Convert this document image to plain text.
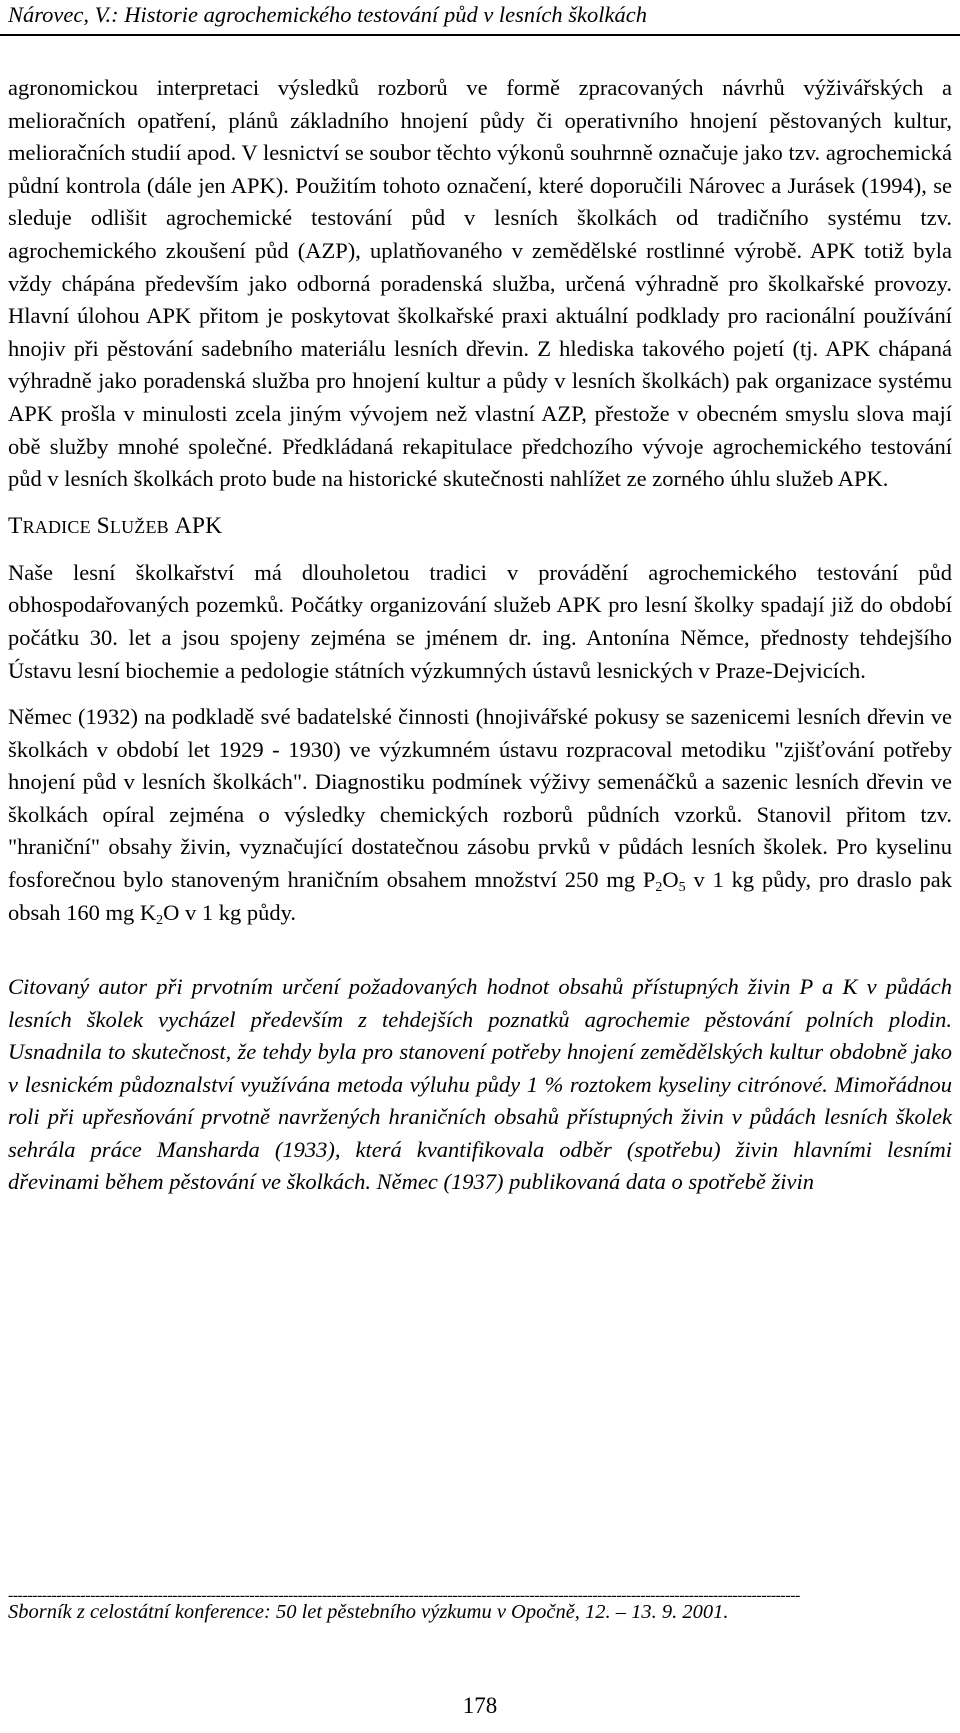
Nárovec, V.: Historie agrochemického testování půd v lesních školkách

agronomickou interpretaci výsledků rozborů ve formě zpracovaných návrhů výživářských a melioračních opatření, plánů základního hnojení půdy či operativního hnojení pěstovaných kultur, melioračních studií apod. V lesnictví se soubor těchto výkonů souhrnně označuje jako tzv. agrochemická půdní kontrola (dále jen APK). Použitím tohoto označení, které doporučili Nárovec a Jurásek (1994), se sleduje odlišit agrochemické testování půd v lesních školkách od tradičního systému tzv. agrochemického zkoušení půd (AZP), uplatňovaného v zemědělské rostlinné výrobě. APK totiž byla vždy chápána především jako odborná poradenská služba, určená výhradně pro školkařské provozy. Hlavní úlohou APK přitom je poskytovat školkařské praxi aktuální podklady pro racionální používání hnojiv při pěstování sadebního materiálu lesních dřevin. Z hlediska takového pojetí (tj. APK chápaná výhradně jako poradenská služba pro hnojení kultur a půdy v lesních školkách) pak organizace systému APK prošla v minulosti zcela jiným vývojem než vlastní AZP, přestože v obecném smyslu slova mají obě služby mnohé společné. Předkládaná rekapitulace předchozího vývoje agrochemického testování půd v lesních školkách proto bude na historické skutečnosti nahlížet ze zorného úhlu služeb APK.

TRADICE SLUŽEB APK

Naše lesní školkařství má dlouholetou tradici v provádění agrochemického testování půd obhospodařovaných pozemků. Počátky organizování služeb APK pro lesní školky spadají již do období počátku 30. let a jsou spojeny zejména se jménem dr. ing. Antonína Němce, přednosty tehdejšího Ústavu lesní biochemie a pedologie státních výzkumných ústavů lesnických v Praze-Dejvicích.

Němec (1932) na podkladě své badatelské činnosti (hnojivářské pokusy se sazenicemi lesních dřevin ve školkách v období let 1929 - 1930) ve výzkumném ústavu rozpracoval metodiku "zjišťování potřeby hnojení půd v lesních školkách". Diagnostiku podmínek výživy semenáčků a sazenic lesních dřevin ve školkách opíral zejména o výsledky chemických rozborů půdních vzorků. Stanovil přitom tzv. "hraniční" obsahy živin, vyznačující dostatečnou zásobu prvků v půdách lesních školek. Pro kyselinu fosforečnou bylo stanoveným hraničním obsahem množství 250 mg $P_2O_5$ v 1 kg půdy, pro draslo pak obsah 160 mg $K_2O$ v 1 kg půdy.

Citovaný autor při prvotním určení požadovaných hodnot obsahů přístupných živin P a K v půdách lesních školek vycházel především z tehdejších poznatků agrochemie pěstování polních plodin. Usnadnila to skutečnost, že tehdy byla pro stanovení potřeby hnojení zemědělských kultur obdobně jako v lesnickém půdoznalství využívána metoda výluhu půdy 1 % roztokem kyseliny citrónové. Mimořádnou roli při upřesňování prvotně navržených hraničních obsahů přístupných živin v půdách lesních školek sehrála práce Mansharda (1933), která kvantifikovala odběr (spotřebu) živin hlavními lesními dřevinami během pěstování ve školkách. Němec (1937) publikovaná data o spotřebě živin

--------------------------------------------------------------------------------------------------------------------------------------------------------------------
Sborník z celostátní konference: 50 let pěstebního výzkumu v Opočně, 12. – 13. 9. 2001.
178
